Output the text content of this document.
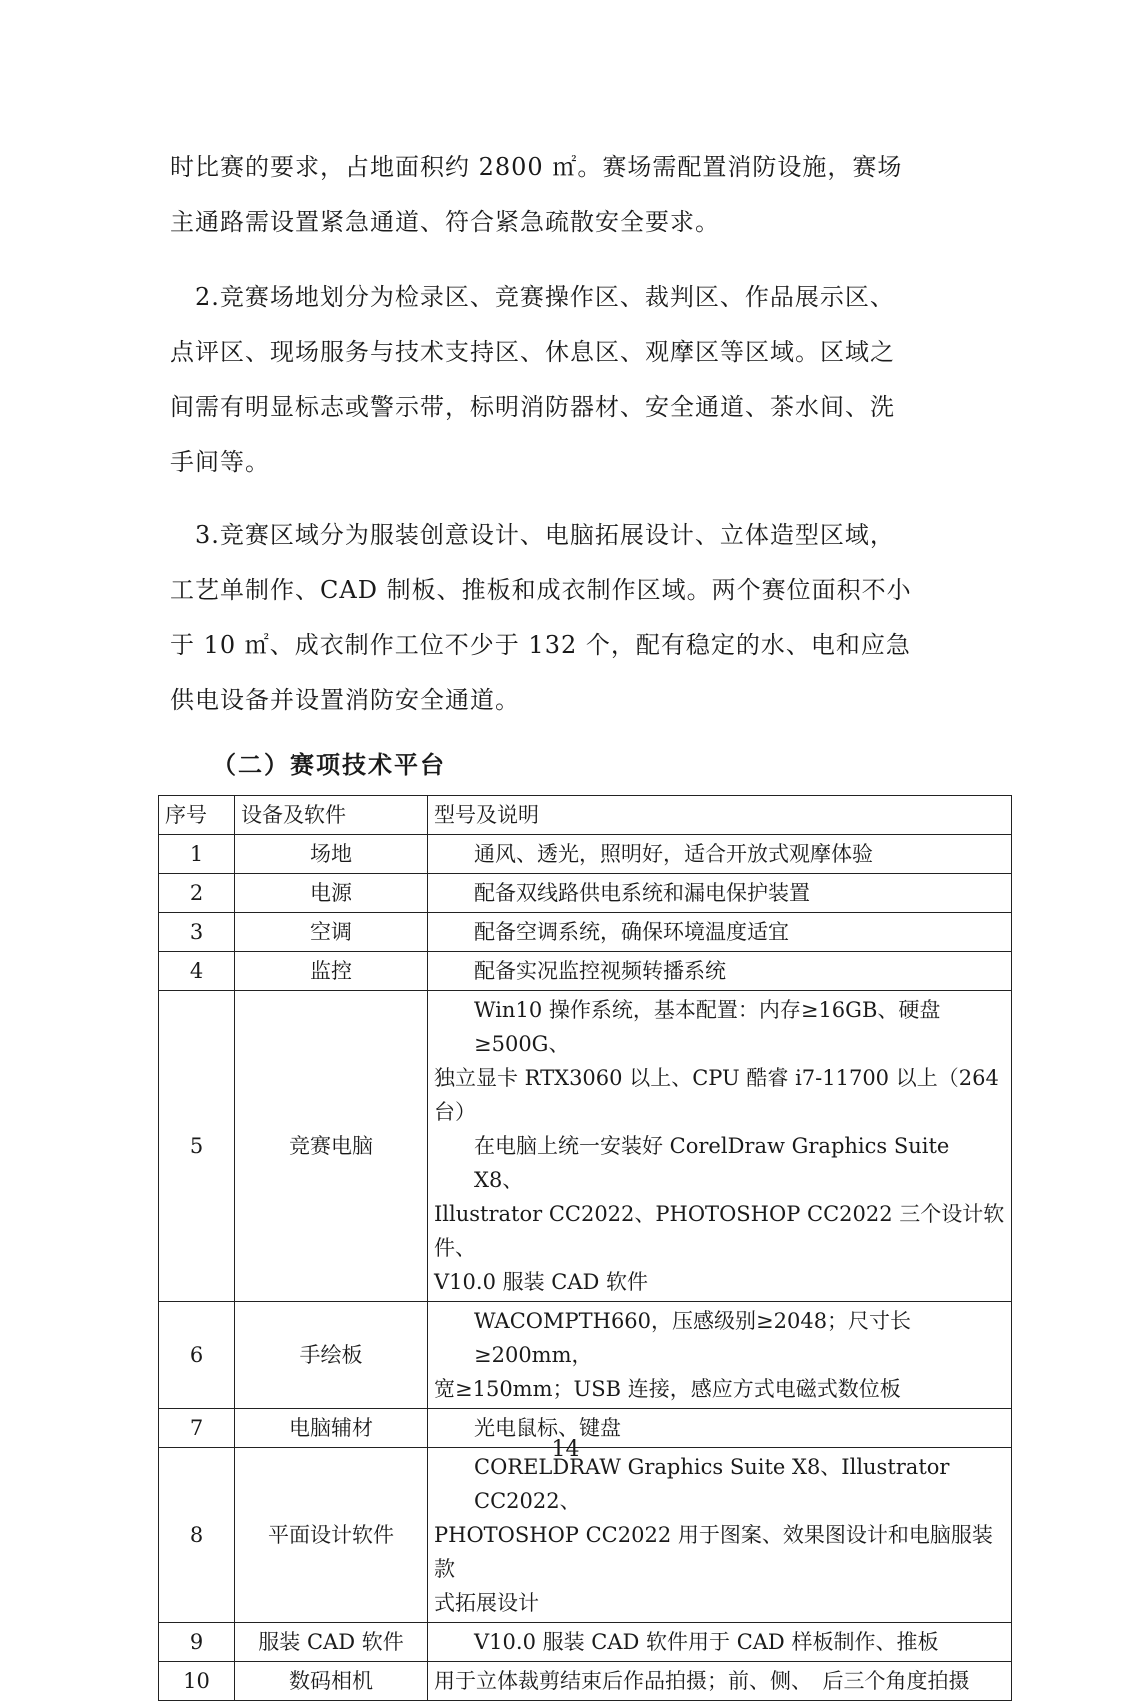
时比赛的要求，占地面积约 2800 ㎡。赛场需配置消防设施，赛场
主通路需设置紧急通道、符合紧急疏散安全要求。
　2.竞赛场地划分为检录区、竞赛操作区、裁判区、作品展示区、
点评区、现场服务与技术支持区、休息区、观摩区等区域。区域之
间需有明显标志或警示带，标明消防器材、安全通道、茶水间、洗
手间等。
　3.竞赛区域分为服装创意设计、电脑拓展设计、立体造型区域，
工艺单制作、CAD 制板、推板和成衣制作区域。两个赛位面积不小
于 10 ㎡、成衣制作工位不少于 132 个，配有稳定的水、电和应急
供电设备并设置消防安全通道。
（二）赛项技术平台
序号	设备及软件	型号及说明
1	场地	通风、透光，照明好，适合开放式观摩体验

2	电源	配备双线路供电系统和漏电保护装置

3	空调	配备空调系统，确保环境温度适宜

4	监控	配备实况监控视频转播系统

5	竞赛电脑	Win10 操作系统，基本配置：内存≥16GB、硬盘≥500G、
独立显卡 RTX3060 以上、CPU 酷睿 i7-11700 以上（264 台）
在电脑上统一安装好 CorelDraw Graphics Suite X8、
Illustrator CC2022、PHOTOSHOP CC2022 三个设计软件、
V10.0 服装 CAD 软件

6	手绘板	WACOMPTH660，压感级别≥2048；尺寸长≥200mm，
宽≥150mm；USB 连接，感应方式电磁式数位板

7	电脑辅材	光电鼠标、键盘

8	平面设计软件	CORELDRAW Graphics Suite X8、Illustrator CC2022、
PHOTOSHOP CC2022 用于图案、效果图设计和电脑服装款
式拓展设计

9	服装 CAD 软件	V10.0 服装 CAD 软件用于 CAD 样板制作、推板

10	数码相机	用于立体裁剪结束后作品拍摄；前、侧、　后三个角度拍摄
14
